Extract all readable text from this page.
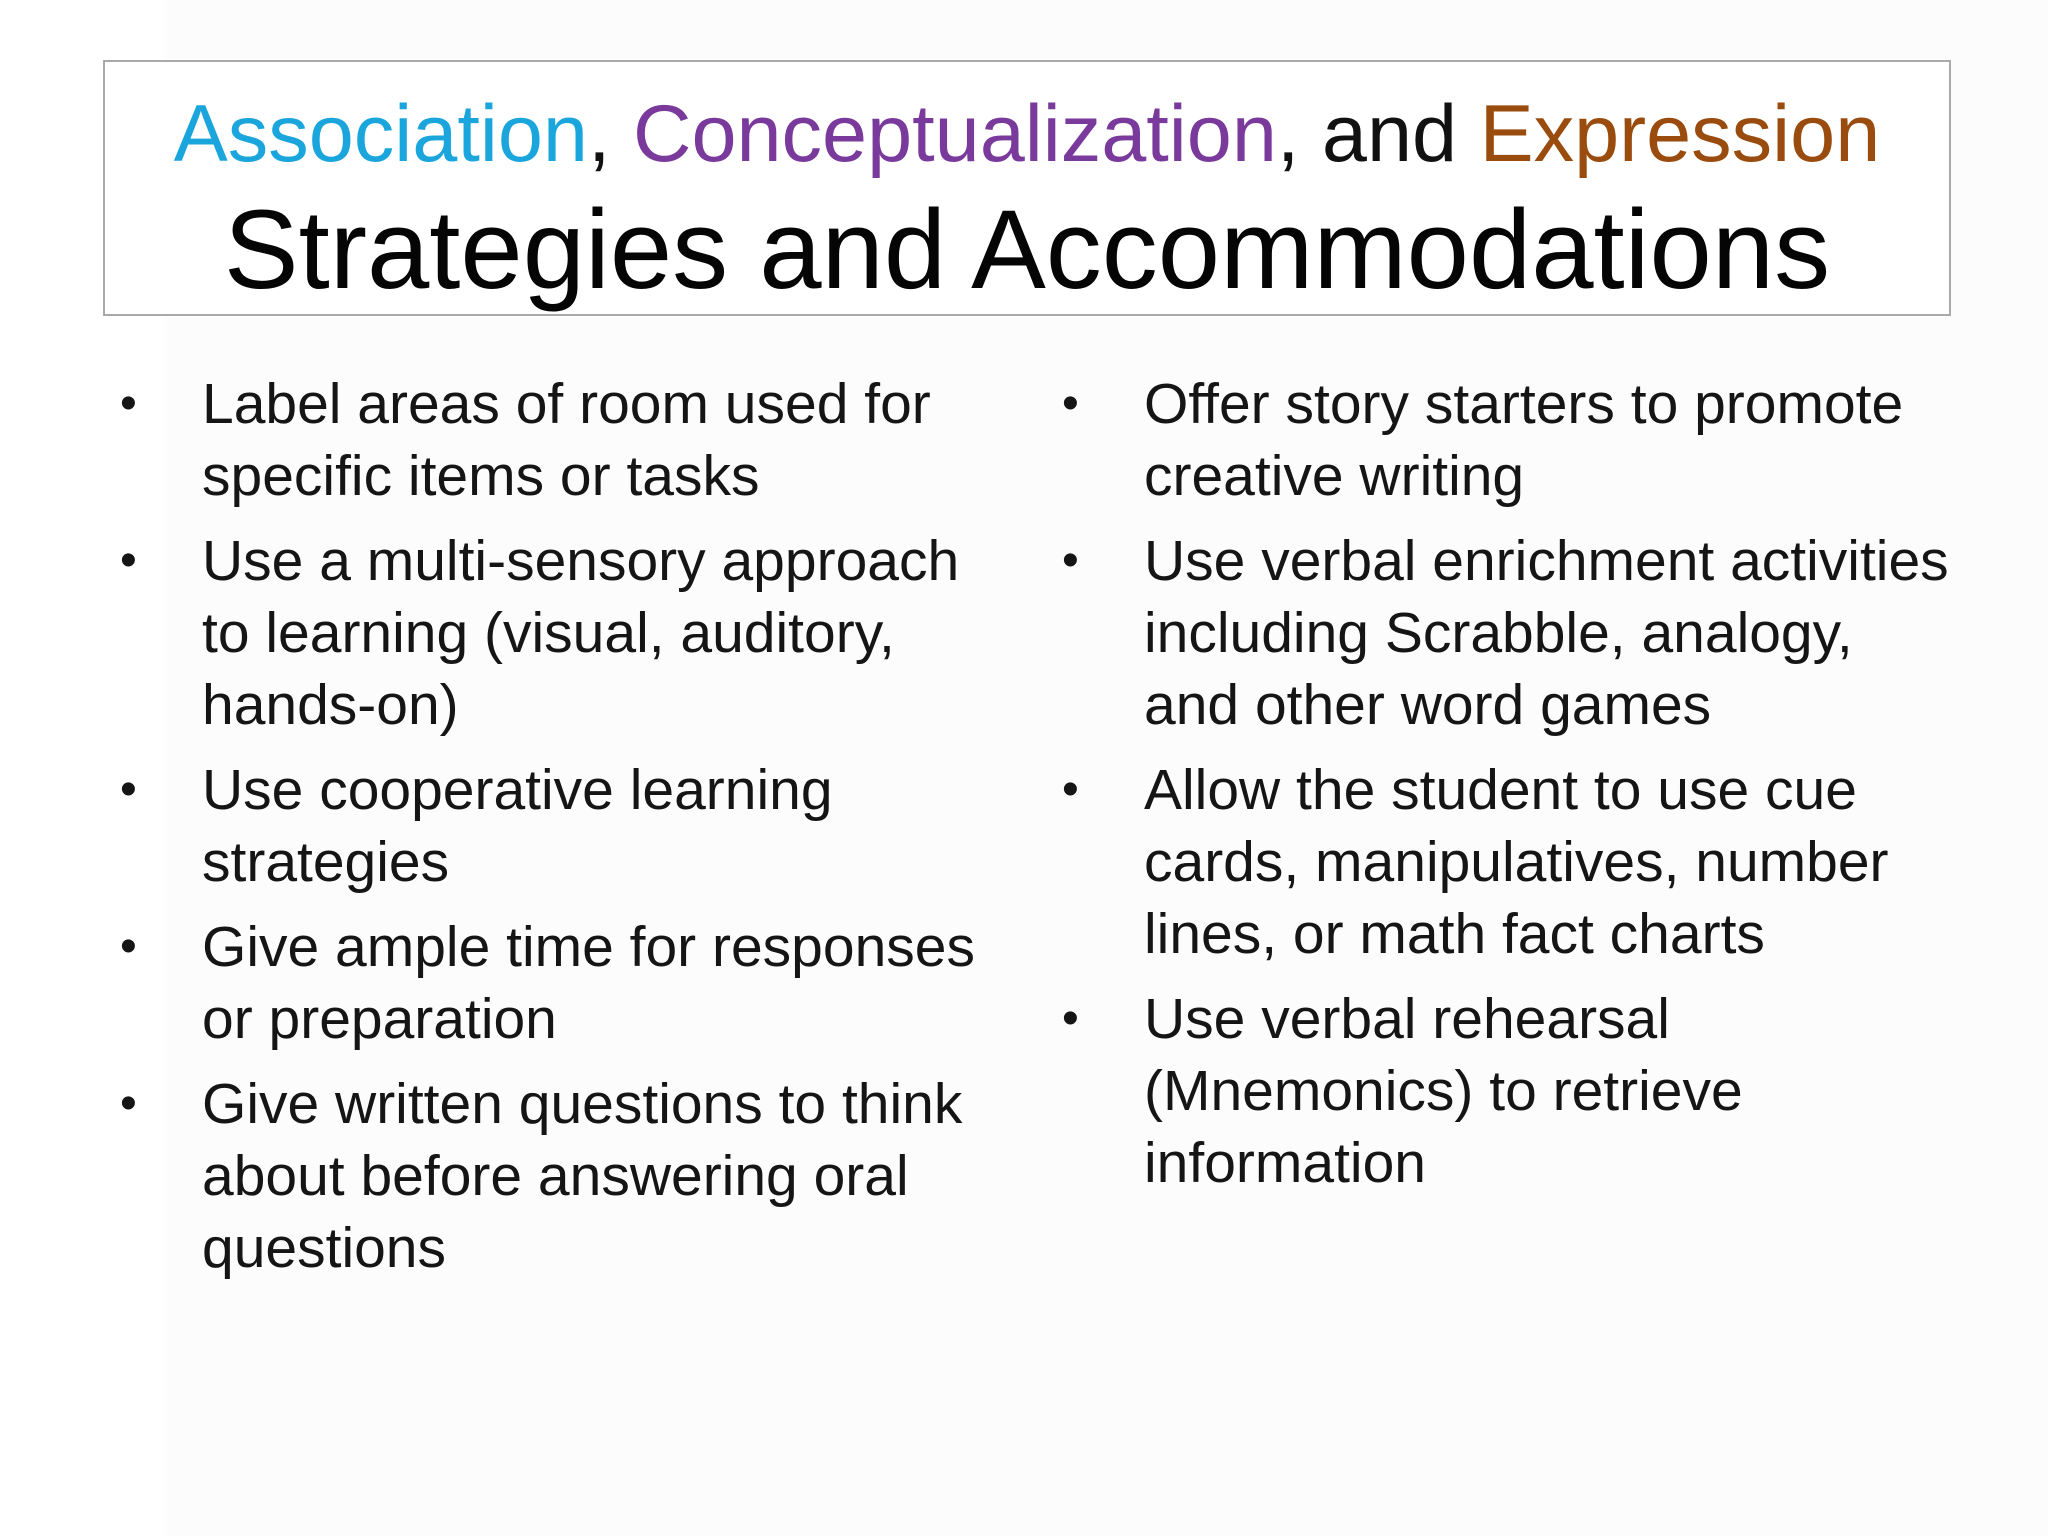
Association, Conceptualization, and Expression
Strategies and Accommodations
• Label areas of room used for specific items or tasks
• Use a multi-sensory approach to learning (visual, auditory, hands-on)
• Use cooperative learning strategies
• Give ample time for responses or preparation
• Give written questions to think about before answering oral questions
• Offer story starters to promote creative writing
• Use verbal enrichment activities including Scrabble, analogy, and other word games
• Allow the student to use cue cards, manipulatives, number lines, or math fact charts
• Use verbal rehearsal (Mnemonics) to retrieve information
